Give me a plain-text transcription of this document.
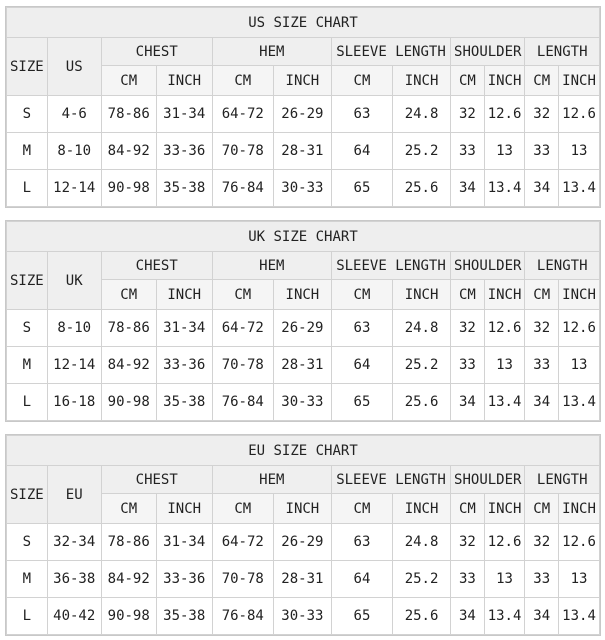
US SIZE CHART											
SIZE	US	CHEST		HEM		SLEEVE LENGTH		SHOULDER		LENGTH	
		CM	INCH	CM	INCH	CM	INCH	CM	INCH	CM	INCH
S	4-6	78-86	31-34	64-72	26-29	63	24.8	32	12.6	32	12.6
M	8-10	84-92	33-36	70-78	28-31	64	25.2	33	13	33	13
L	12-14	90-98	35-38	76-84	30-33	65	25.6	34	13.4	34	13.4
UK SIZE CHART											
SIZE	UK	CHEST		HEM		SLEEVE LENGTH		SHOULDER		LENGTH	
		CM	INCH	CM	INCH	CM	INCH	CM	INCH	CM	INCH
S	8-10	78-86	31-34	64-72	26-29	63	24.8	32	12.6	32	12.6
M	12-14	84-92	33-36	70-78	28-31	64	25.2	33	13	33	13
L	16-18	90-98	35-38	76-84	30-33	65	25.6	34	13.4	34	13.4
EU SIZE CHART											
SIZE	EU	CHEST		HEM		SLEEVE LENGTH		SHOULDER		LENGTH	
		CM	INCH	CM	INCH	CM	INCH	CM	INCH	CM	INCH
S	32-34	78-86	31-34	64-72	26-29	63	24.8	32	12.6	32	12.6
M	36-38	84-92	33-36	70-78	28-31	64	25.2	33	13	33	13
L	40-42	90-98	35-38	76-84	30-33	65	25.6	34	13.4	34	13.4
